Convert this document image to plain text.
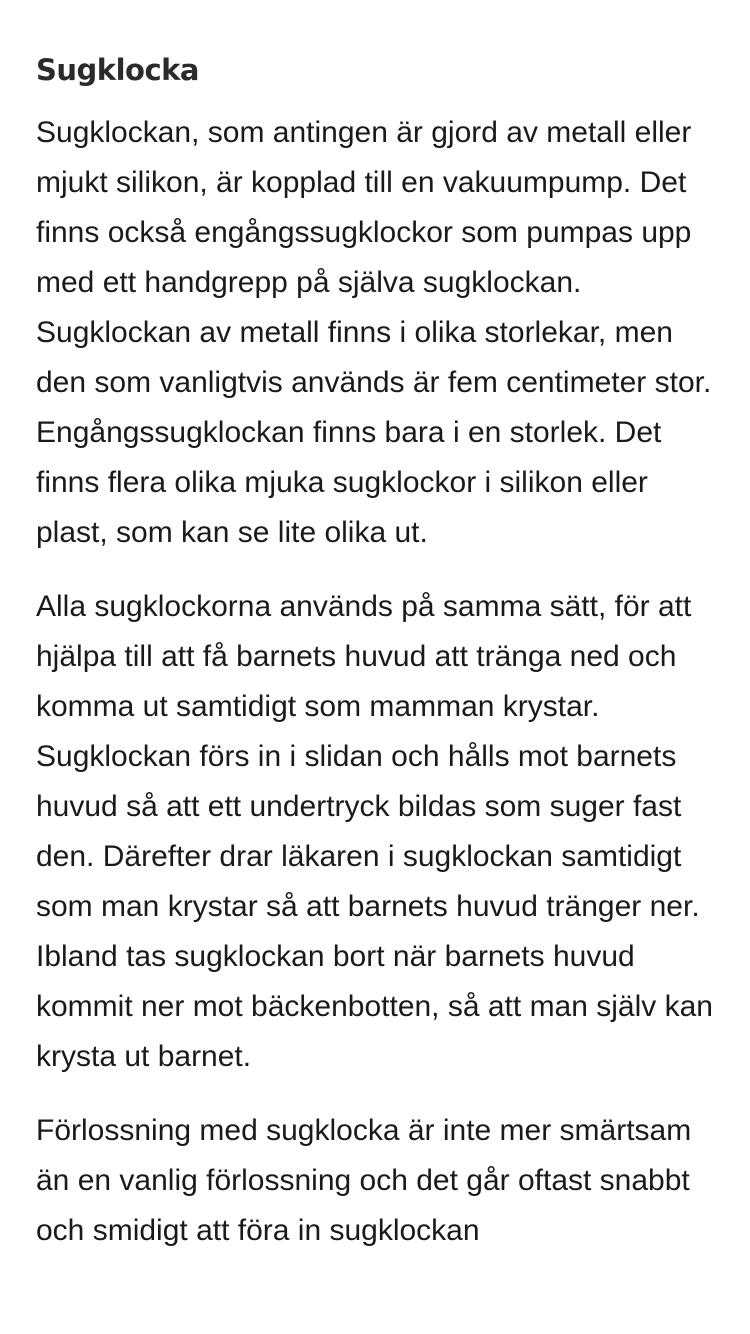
Sugklocka

Sugklockan, som antingen är gjord av metall eller mjukt silikon, är kopplad till en vakuumpump. Det finns också engångssugklockor som pumpas upp med ett handgrepp på själva sugklockan. Sugklockan av metall finns i olika storlekar, men den som vanligtvis används är fem centimeter stor. Engångssugklockan finns bara i en storlek. Det finns flera olika mjuka sugklockor i silikon eller plast, som kan se lite olika ut.

Alla sugklockorna används på samma sätt, för att hjälpa till att få barnets huvud att tränga ned och komma ut samtidigt som mamman krystar. Sugklockan förs in i slidan och hålls mot barnets huvud så att ett undertryck bildas som suger fast den. Därefter drar läkaren i sugklockan samtidigt som man krystar så att barnets huvud tränger ner. Ibland tas sugklockan bort när barnets huvud kommit ner mot bäckenbotten, så att man själv kan krysta ut barnet.

Förlossning med sugklocka är inte mer smärtsam än en vanlig förlossning och det går oftast snabbt och smidigt att föra in sugklockan
